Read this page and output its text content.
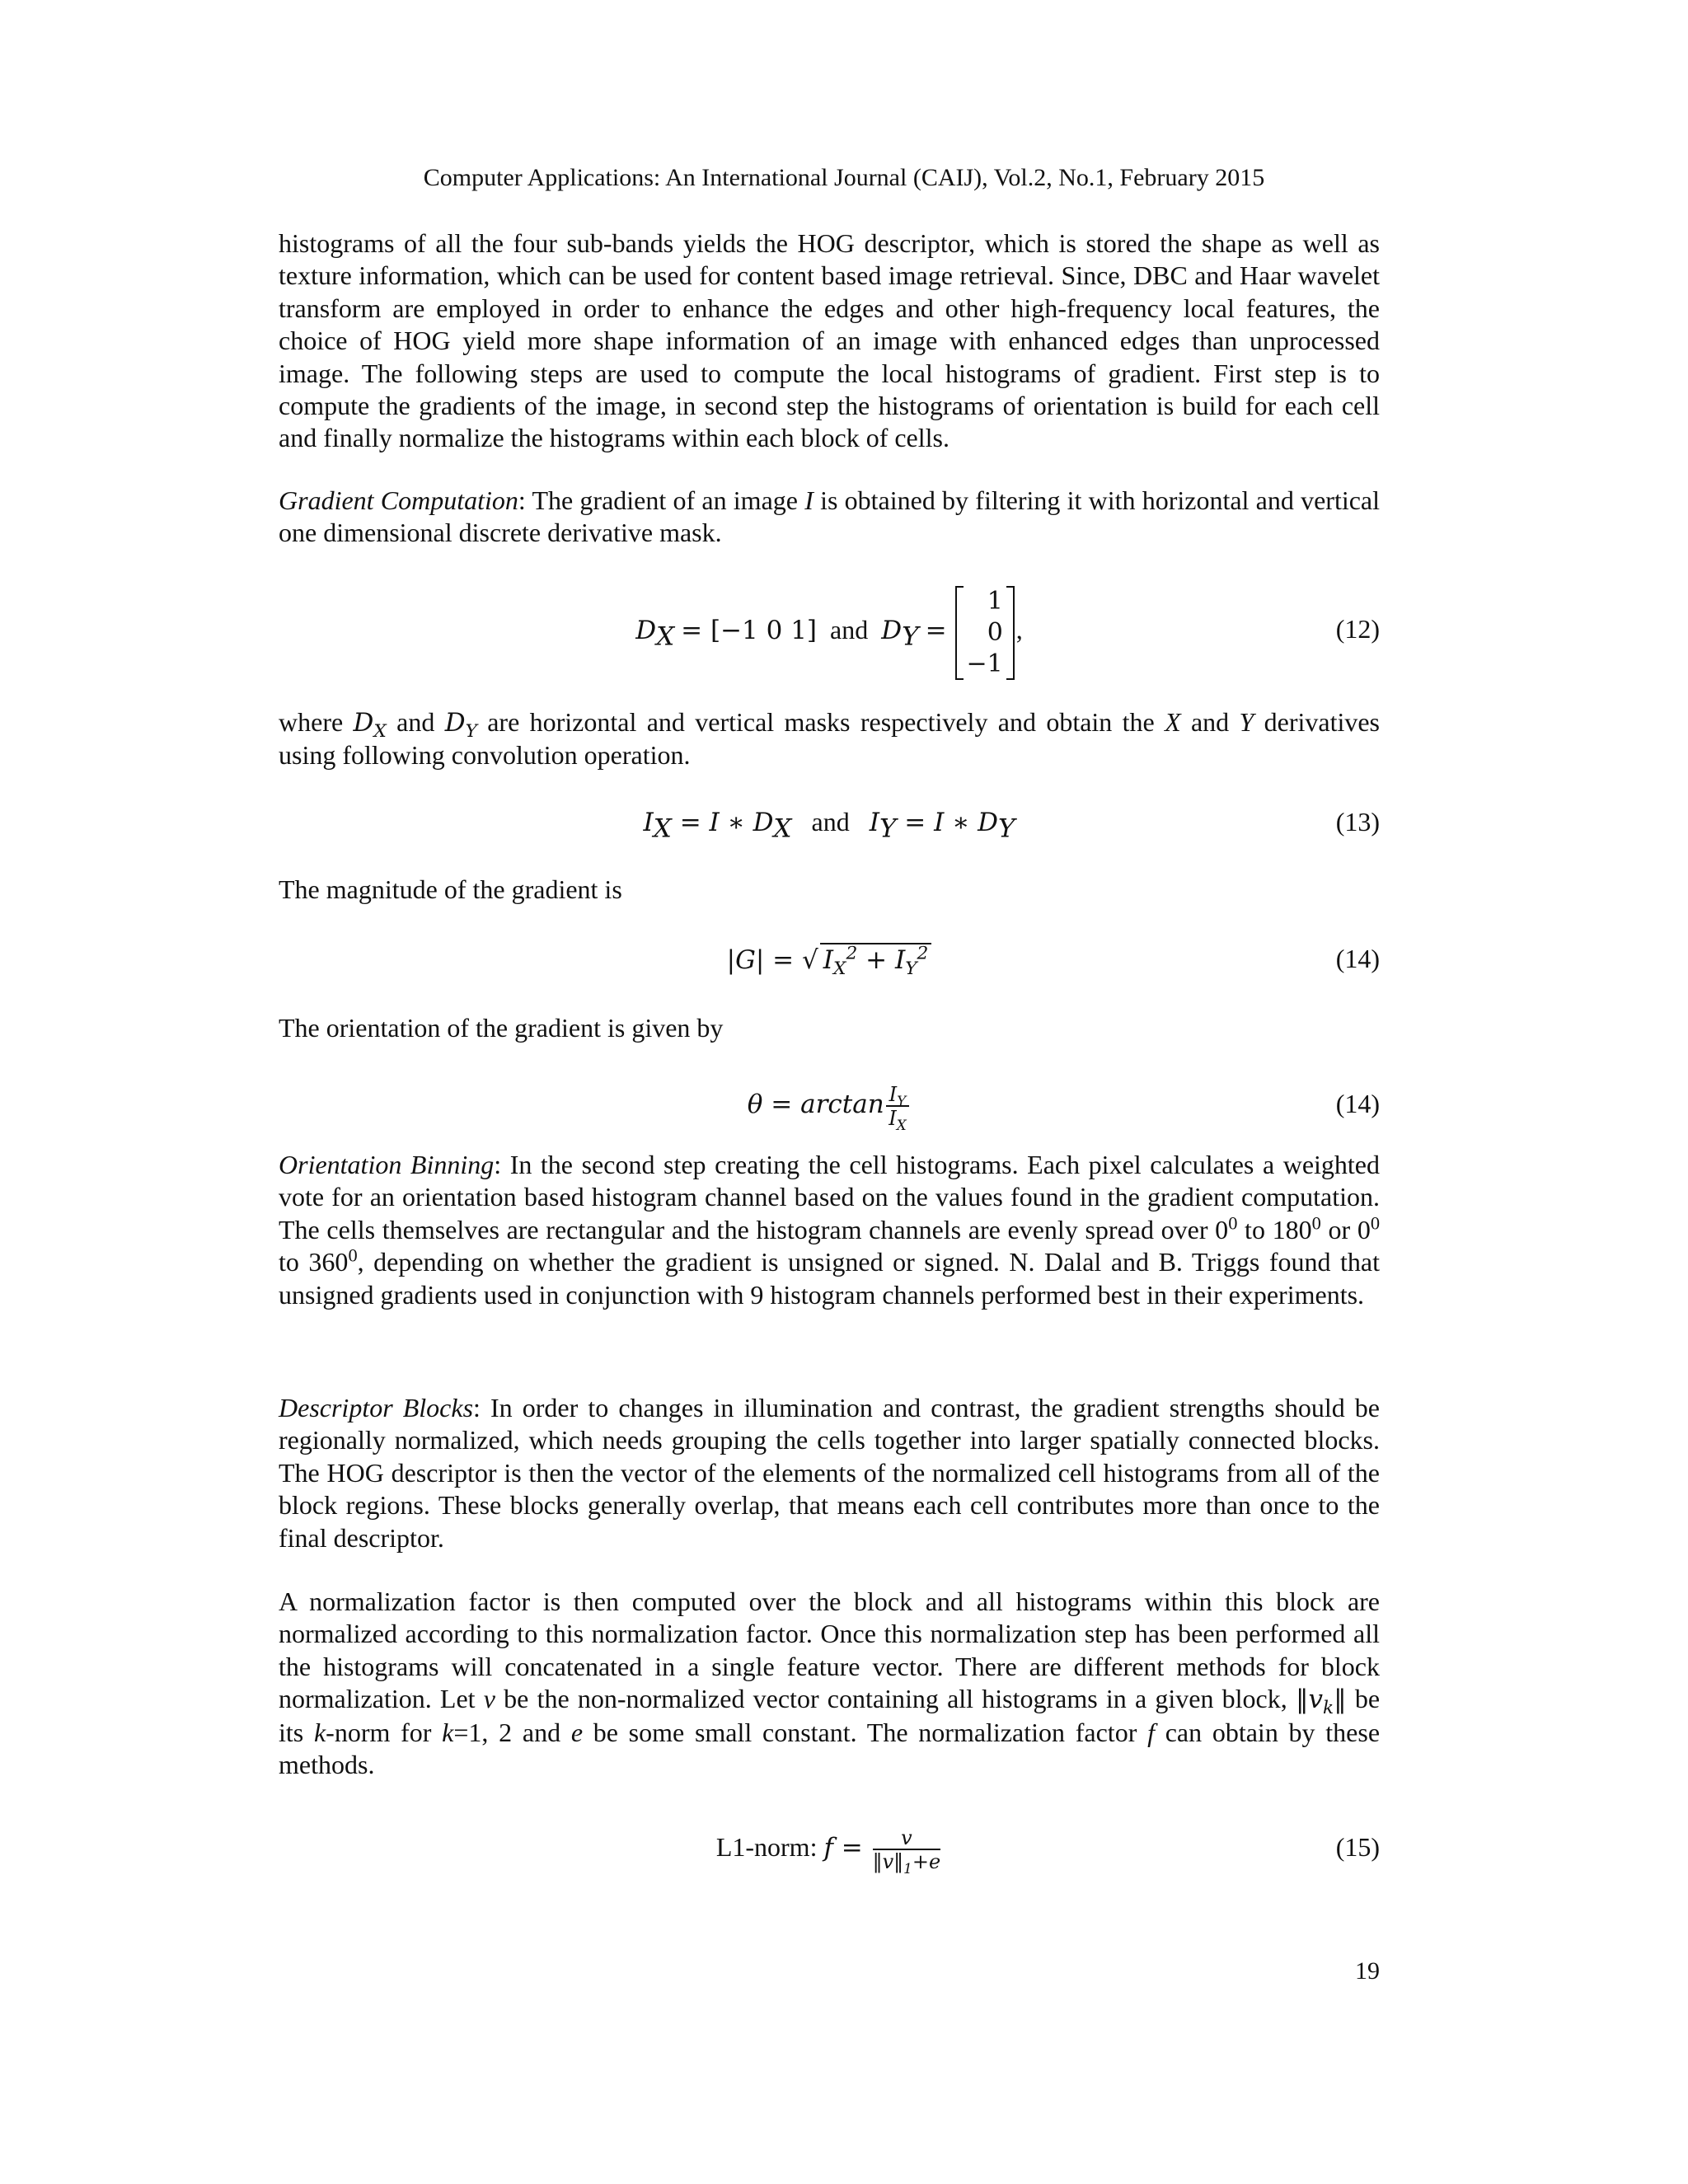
Computer Applications: An International Journal (CAIJ), Vol.2, No.1, February 2015

histograms of all the four sub-bands yields the HOG descriptor, which is stored the shape as well as texture information, which can be used for content based image retrieval. Since, DBC and Haar wavelet transform are employed in order to enhance the edges and other high-frequency local features, the choice of HOG yield more shape information of an image with enhanced edges than unprocessed image. The following steps are used to compute the local histograms of gradient. First step is to compute the gradients of the image, in second step the histograms of orientation is build for each cell and finally normalize the histograms within each block of cells.

Gradient Computation: The gradient of an image I is obtained by filtering it with horizontal and vertical one dimensional discrete derivative mask.

$D_X = [-1$ 0 1] and $D_Y$ =
1
0
−1
,	(12)

where $D_X$ and $D_Y$ are horizontal and vertical masks respectively and obtain the X and Y derivatives using following convolution operation.

$I_X = I$ ∗ $D_X$ and $I_Y = I$ ∗ $D_Y$	(13)

The magnitude of the gradient is

|G| = √ $I_X^2 + I_Y^2$	(14)

The orientation of the gradient is given by

$\theta = \arctan \frac{I_Y}{I_X}$	(14)

Orientation Binning: In the second step creating the cell histograms. Each pixel calculates a weighted vote for an orientation based histogram channel based on the values found in the gradient computation. The cells themselves are rectangular and the histogram channels are evenly spread over $0^0$ to $180^0$ or $0^0$ to $360^0$, depending on whether the gradient is unsigned or signed. N. Dalal and B. Triggs found that unsigned gradients used in conjunction with 9 histogram channels performed best in their experiments.

Descriptor Blocks: In order to changes in illumination and contrast, the gradient strengths should be regionally normalized, which needs grouping the cells together into larger spatially connected blocks. The HOG descriptor is then the vector of the elements of the normalized cell histograms from all of the block regions. These blocks generally overlap, that means each cell contributes more than once to the final descriptor.

A normalization factor is then computed over the block and all histograms within this block are normalized according to this normalization factor. Once this normalization step has been performed all the histograms will concatenated in a single feature vector. There are different methods for block normalization. Let v be the non-normalized vector containing all histograms in a given block, $‖v_k‖$ be its k-norm for k=1, 2 and e be some small constant. The normalization factor f can obtain by these methods.

L1-norm: $f = \frac{v}{‖v‖_1+e}$	(15)
19
